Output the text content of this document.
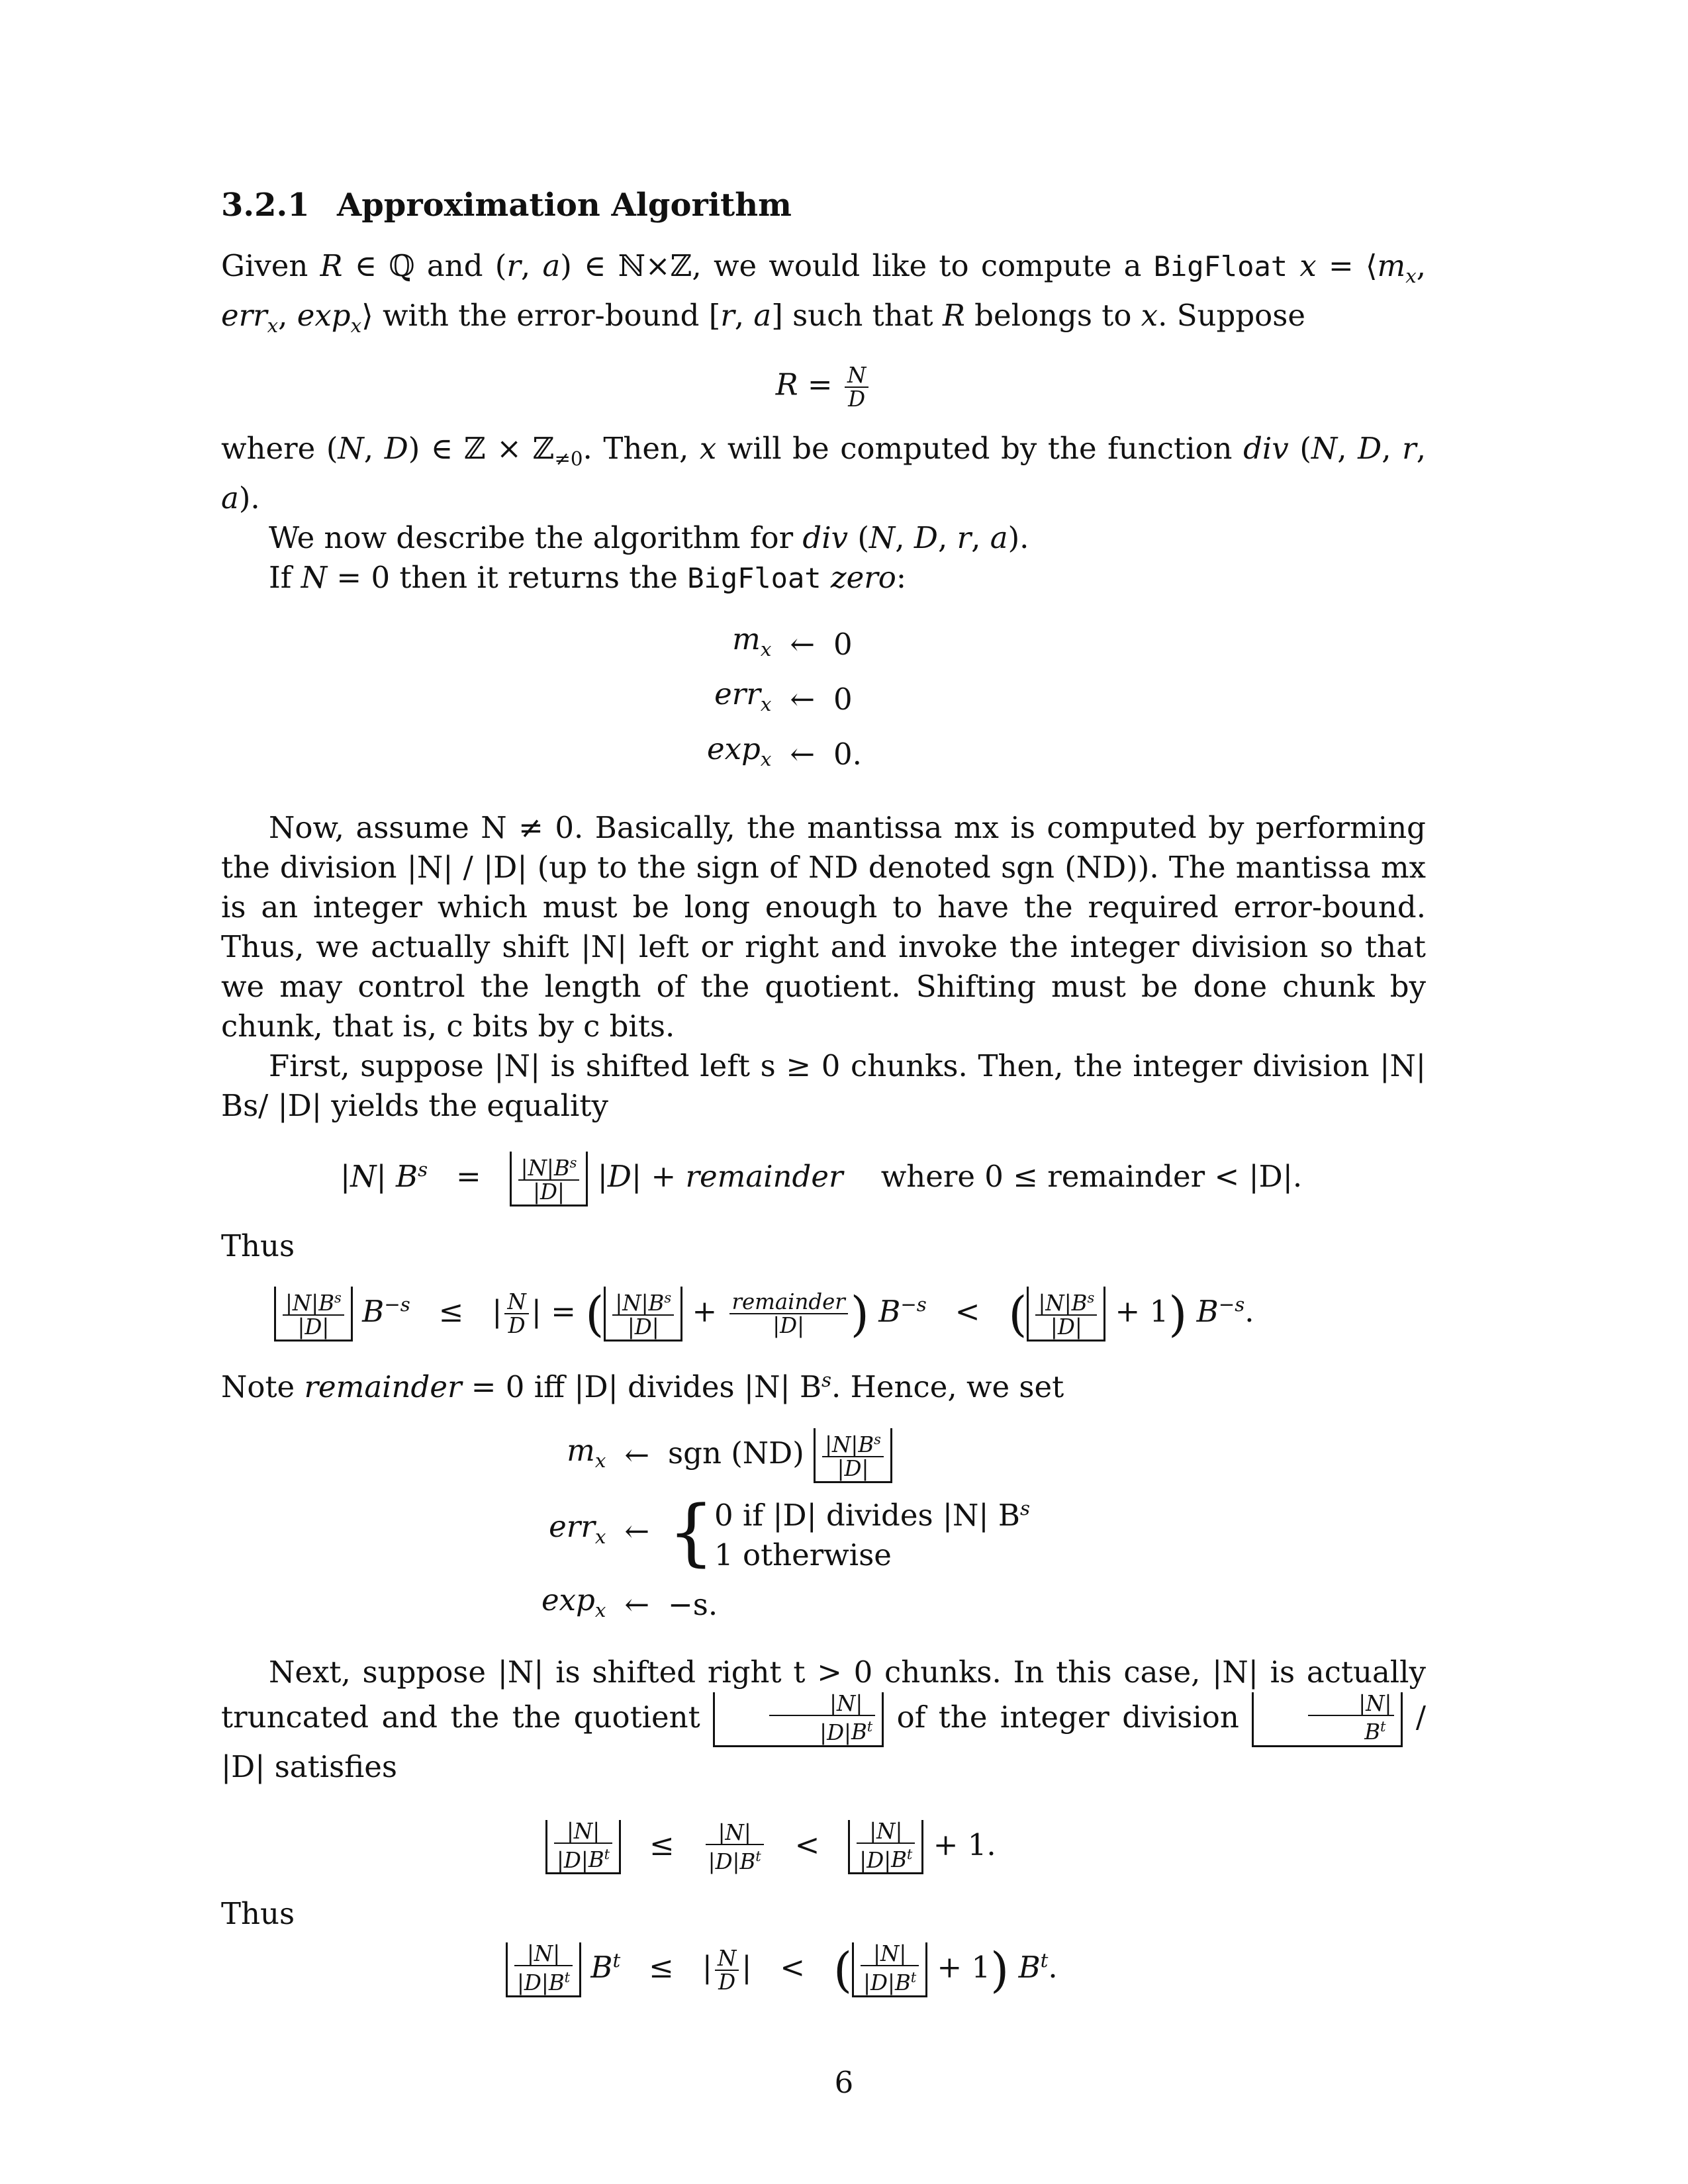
3.2.1 Approximation Algorithm

Given R ∈ ℚ and (r, a) ∈ ℕ×ℤ, we would like to compute a BigFloat $x = ⟨m_x$, err$_x$, $\exp_x⟩$ with the error-bound [r, a] such that R belongs to x. Suppose

$R = \frac{N}{D}$

where (N, D) ∈ ℤ × ℤ$_{\ne 0}$. Then, x will be computed by the function div (N, D, r, a).

We now describe the algorithm for div (N, D, r, a).

If N = 0 then it returns the BigFloat zero:

$m_x$	←	0
err$_x$	←	0
$\exp_x$	←	0.

Now, assume N ≠ 0. Basically, the mantissa mx is computed by performing the division |N| / |D| (up to the sign of ND denoted sgn (ND)). The mantissa mx is an integer which must be long enough to have the required error-bound. Thus, we actually shift |N| left or right and invoke the integer division so that we may control the length of the quotient. Shifting must be done chunk by chunk, that is, c bits by c bits.

First, suppose |N| is shifted left s ≥ 0 chunks. Then, the integer division |N| Bs/ |D| yields the equality

|N| $B^s = \frac{|N|B^s}{|D|} |D|$ + remainder where 0 ≤ remainder < |D|.

Thus

$\frac{|N|B^s}{|D|} B^{-s}$   ≤   | $\frac{N}{D}$ | = ( $\frac{|N|B^s}{|D|} + \frac{\text{remainder}}{|D|}$ ) $B^{-s}$   <   ( $\frac{|N|B^s}{|D|} + 1$) $B^{-s}$.

Note remainder = 0 iff |D| divides |N| $B^s$. Hence, we set

$m_x$	←	sgn $(ND) \frac{|N|B^s}{|D|}$

err$_x$	←	{0 if |D| divides |N| $B^s$
1 otherwise
$\exp_x$	←	−s.

Next, suppose |N| is shifted right t > 0 chunks. In this case, |N| is actually truncated and the the quotient	$\frac{|N|}{|D|B^t}$ of the integer division	$\frac{|N|}{B^t} / |D|$ satisfies

$\frac{|N|}{|D|B^t} \le \frac{|N|}{|D|B^t} < \frac{|N|}{|D|B^t} + 1$.

Thus

$\frac{|N|}{|D|B^t} B^t$   ≤   | $\frac{N}{D}$ |   <   ( $\frac{|N|}{|D|B^t} + 1$) $B^t$.
6
